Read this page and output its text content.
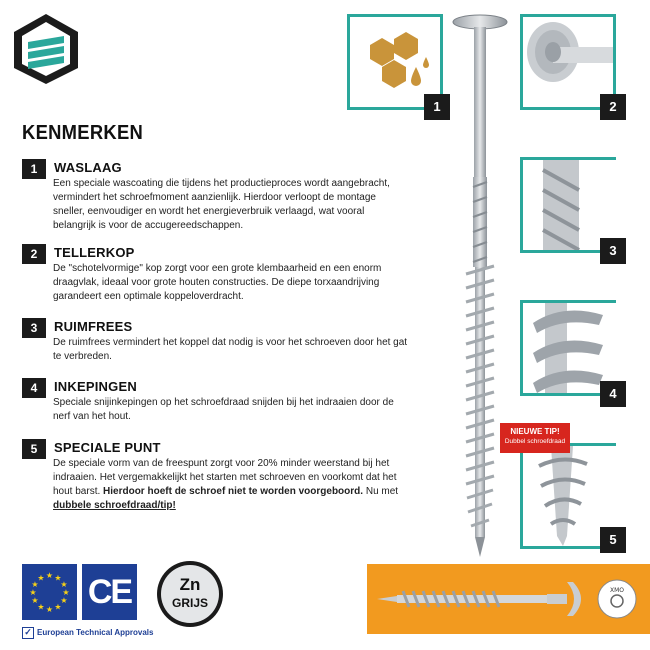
KENMERKEN
1	WASLAAG
Een speciale wascoating die tijdens het productieproces wordt aangebracht, vermindert het schroefmoment aanzienlijk. Hierdoor verloopt de montage sneller, eenvoudiger en wordt het energieverbruik verlaagd, wat vooral belangrijk is voor de accugereedschappen.
2	TELLERKOP
De "schotelvormige" kop zorgt voor een grote klembaarheid en een enorm draagvlak, ideaal voor grote houten constructies. De diepe torxaandrijving garandeert een optimale koppeloverdracht.
3	RUIMFREES
De ruimfrees vermindert het koppel dat nodig is voor het schroeven door het gat te verbreden.
4	INKEPINGEN
Speciale snijinkepingen op het schroefdraad snijden bij het indraaien door de nerf van het hout.
5	SPECIALE PUNT
De speciale vorm van de freespunt zorgt voor 20% minder weerstand bij het indraaien. Het vergemakkelijkt het starten met schroeven en voorkomt dat het hout barst. Hierdoor hoeft de schroef niet te worden voorgeboord. Nu met dubbele schroefdraad/tip!
1	2
3
4
5
NIEUWE TIP!
Dubbel schroefdraad
★ ★
★
★
★
★
★
★
★
★
★
★ CE	Zn
GRIJS
✓ European Technical Approvals
XMO
